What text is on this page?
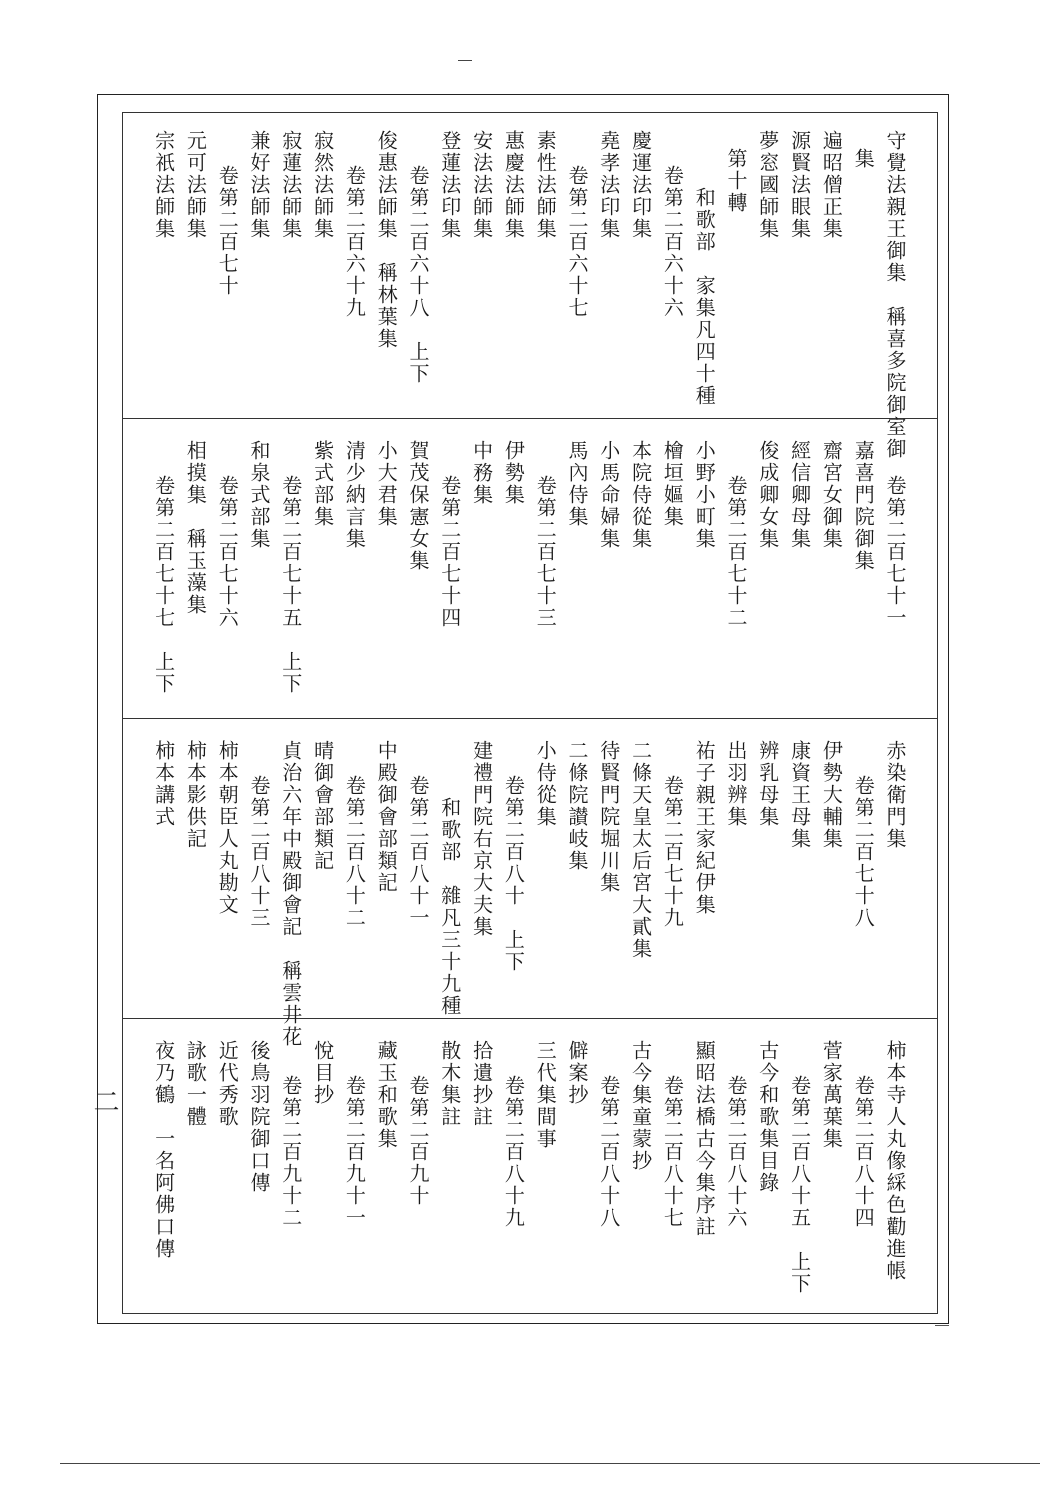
守覺法親王御集　稱喜多院御室御
集
遍昭僧正集
源賢法眼集
夢窓國師集
第十轉
和歌部　家集凡四十種
卷第二百六十六
慶運法印集
堯孝法印集
卷第二百六十七
素性法師集
惠慶法師集
安法法師集
登蓮法印集
卷第二百六十八　上下
俊惠法師集　稱林葉集
卷第二百六十九
寂然法師集
寂蓮法師集
兼好法師集
卷第二百七十
元可法師集
宗祇法師集
卷第二百七十一
嘉喜門院御集
齋宮女御集
經信卿母集
俊成卿女集
卷第二百七十二
小野小町集
檜垣嫗集
本院侍從集
小馬命婦集
馬內侍集
卷第二百七十三
伊勢集
中務集
卷第二百七十四
賀茂保憲女集
小大君集
清少納言集
紫式部集
卷第二百七十五　上下
和泉式部集
卷第二百七十六
相摸集　稱玉藻集
卷第二百七十七　上下
赤染衛門集
卷第二百七十八
伊勢大輔集
康資王母集
辨乳母集
出羽辨集
祐子親王家紀伊集
卷第二百七十九
二條天皇太后宮大貳集
待賢門院堀川集
二條院讃岐集
小侍從集
卷第二百八十　上下
建禮門院右京大夫集
和歌部　雜凡三十九種
卷第二百八十一
中殿御會部類記
卷第二百八十二
晴御會部類記
貞治六年中殿御會記　稱雲井花
卷第二百八十三
柿本朝臣人丸勘文
柿本影供記
柿本講式
柿本寺人丸像綵色勸進帳
卷第二百八十四
菅家萬葉集
卷第二百八十五　上下
古今和歌集目錄
卷第二百八十六
顯昭法橋古今集序註
卷第二百八十七
古今集童蒙抄
卷第二百八十八
僻案抄
三代集間事
卷第二百八十九
拾遺抄註
散木集註
卷第二百九十
藏玉和歌集
卷第二百九十一
悅目抄
卷第二百九十二
後鳥羽院御口傳
近代秀歌
詠歌一體
夜乃鶴　一名阿佛口傳
二
